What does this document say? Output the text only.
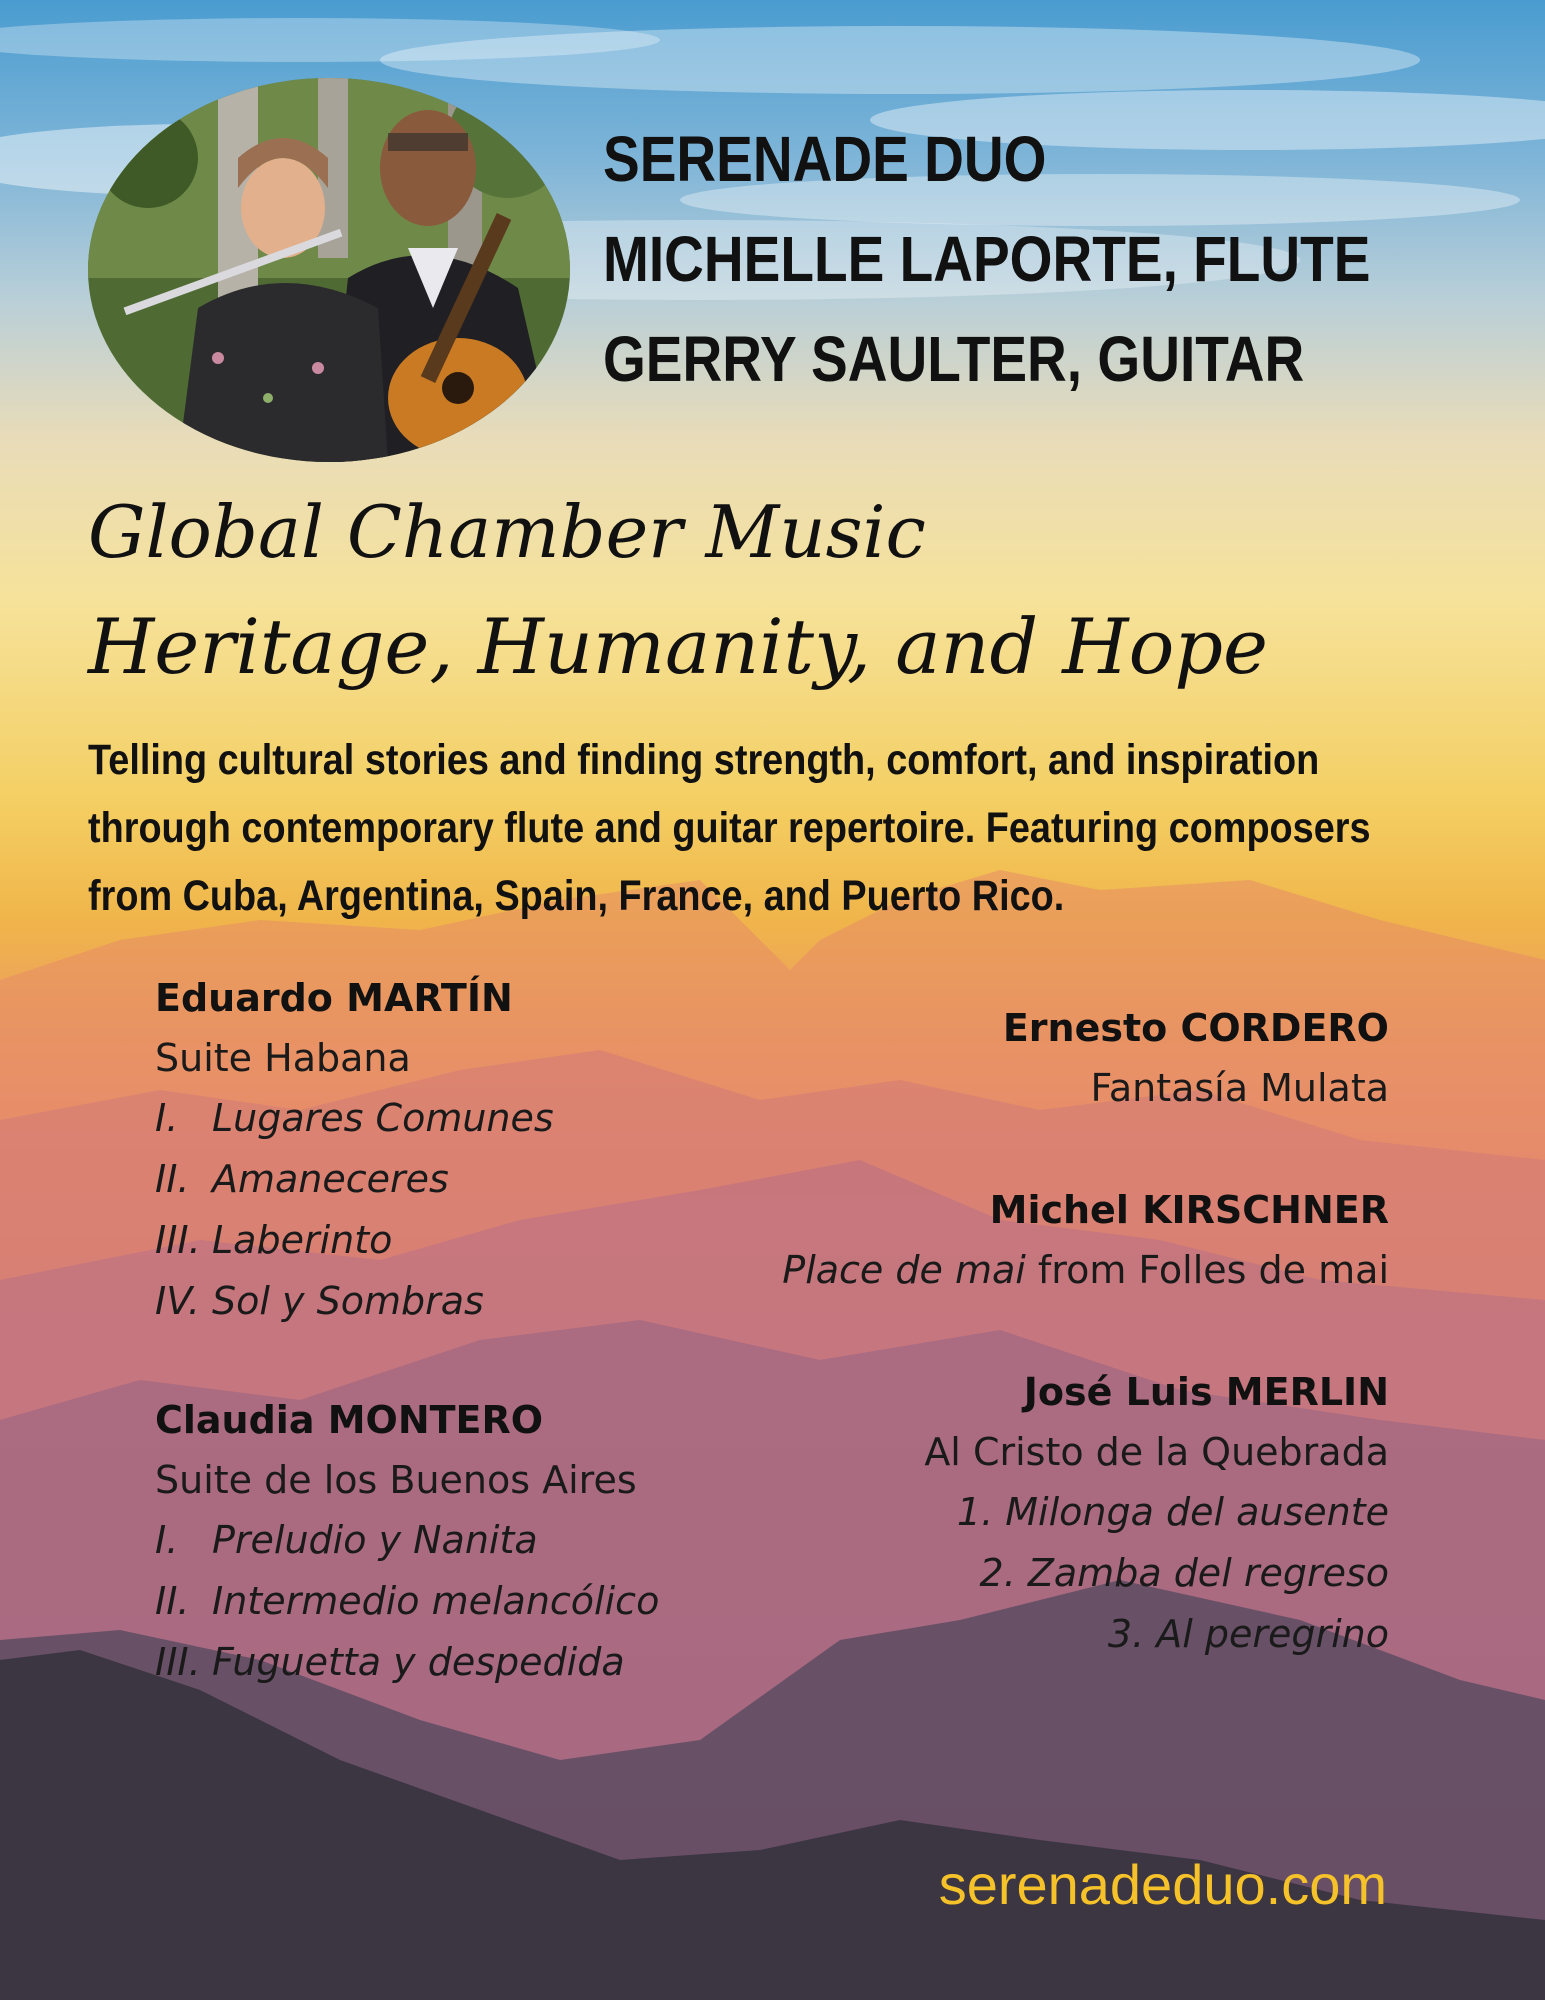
SERENADE DUO
MICHELLE LAPORTE, FLUTE
GERRY SAULTER, GUITAR
Global Chamber Music
Heritage, Humanity, and Hope
Telling cultural stories and finding strength, comfort, and inspiration
through contemporary flute and guitar repertoire. Featuring composers
from Cuba, Argentina, Spain, France, and Puerto Rico.
Eduardo MARTÍN
Suite Habana
I. Lugares Comunes
II. Amaneceres
III. Laberinto
IV. Sol y Sombras
Claudia MONTERO
Suite de los Buenos Aires
I. Preludio y Nanita
II. Intermedio melancólico
III. Fuguetta y despedida
Ernesto CORDERO
Fantasía Mulata
Michel KIRSCHNER
Place de mai from Folles de mai
José Luis MERLIN
Al Cristo de la Quebrada
1. Milonga del ausente
2. Zamba del regreso
3. Al peregrino
serenadeduo.com
